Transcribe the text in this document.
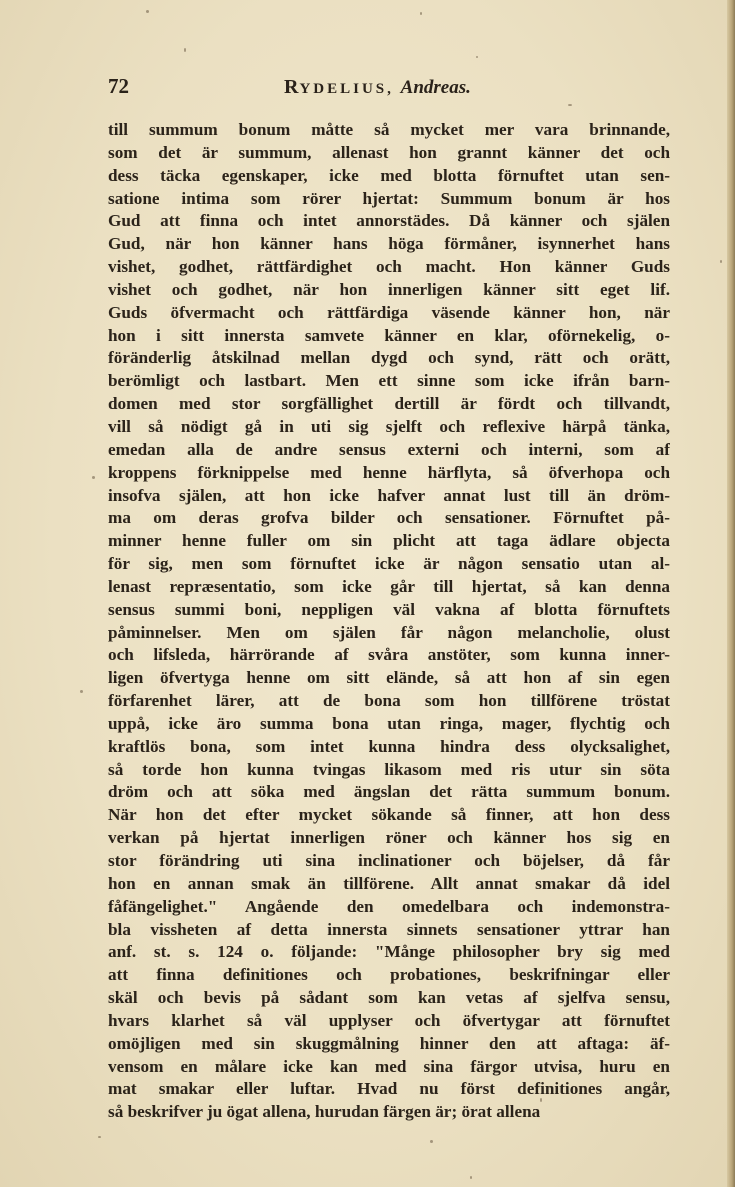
72	RYDELIUS, Andreas.
till summum bonum måtte så mycket mer vara brinnande,
som det är summum, allenast hon grannt känner det och
dess täcka egenskaper, icke med blotta förnuftet utan sen-
satione intima som rörer hjertat: Summum bonum är hos
Gud att finna och intet annorstädes. Då känner och själen
Gud, när hon känner hans höga förmåner, isynnerhet hans
vishet, godhet, rättfärdighet och macht. Hon känner Guds
vishet och godhet, när hon innerligen känner sitt eget lif.
Guds öfvermacht och rättfärdiga väsende känner hon, när
hon i sitt innersta samvete känner en klar, oförnekelig, o-
föränderlig åtskilnad mellan dygd och synd, rätt och orätt,
berömligt och lastbart. Men ett sinne som icke ifrån barn-
domen med stor sorgfällighet dertill är fördt och tillvandt,
vill så nödigt gå in uti sig sjelft och reflexive härpå tänka,
emedan alla de andre sensus externi och interni, som af
kroppens förknippelse med henne härflyta, så öfverhopa och
insofva själen, att hon icke hafver annat lust till än dröm-
ma om deras grofva bilder och sensationer. Förnuftet på-
minner henne fuller om sin plicht att taga ädlare objecta
för sig, men som förnuftet icke är någon sensatio utan al-
lenast repræsentatio, som icke går till hjertat, så kan denna
sensus summi boni, neppligen väl vakna af blotta förnuftets
påminnelser. Men om själen får någon melancholie, olust
och lifsleda, härrörande af svåra anstöter, som kunna inner-
ligen öfvertyga henne om sitt elände, så att hon af sin egen
förfarenhet lärer, att de bona som hon tillförene tröstat
uppå, icke äro summa bona utan ringa, mager, flychtig och
kraftlös bona, som intet kunna hindra dess olycksalighet,
så torde hon kunna tvingas likasom med ris utur sin söta
dröm och att söka med ängslan det rätta summum bonum.
När hon det efter mycket sökande så finner, att hon dess
verkan på hjertat innerligen röner och känner hos sig en
stor förändring uti sina inclinationer och böjelser, då får
hon en annan smak än tillförene. Allt annat smakar då idel
fåfängelighet." Angående den omedelbara och indemonstra-
bla vissheten af detta innersta sinnets sensationer yttrar han
anf. st. s. 124 o. följande: "Månge philosopher bry sig med
att finna definitiones och probationes, beskrifningar eller
skäl och bevis på sådant som kan vetas af sjelfva sensu,
hvars klarhet så väl upplyser och öfvertygar att förnuftet
omöjligen med sin skuggmålning hinner den att aftaga: äf-
vensom en målare icke kan med sina färgor utvisa, huru en
mat smakar eller luftar. Hvad nu först definitiones angår,
så beskrifver ju ögat allena, hurudan färgen är; örat allena
